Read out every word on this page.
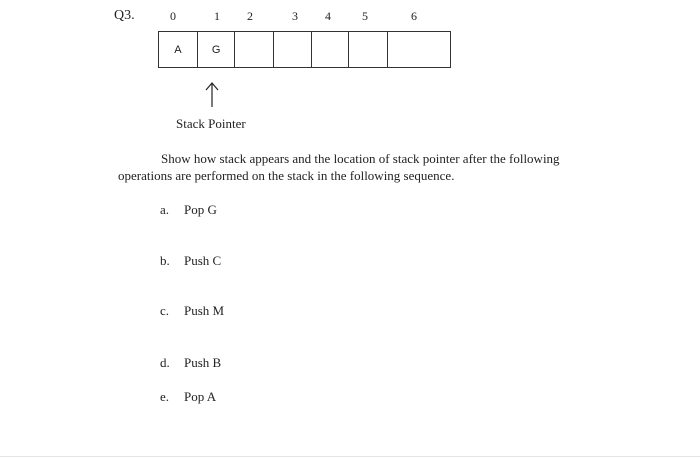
Q3.	0	1 2	3 4	5	6
A	G
Stack Pointer
Show how stack appears and the location of stack pointer after the following
operations are performed on the stack in the following sequence.
a. Pop G
b. Push C
c. Push M
d. Push B
e. Pop A
